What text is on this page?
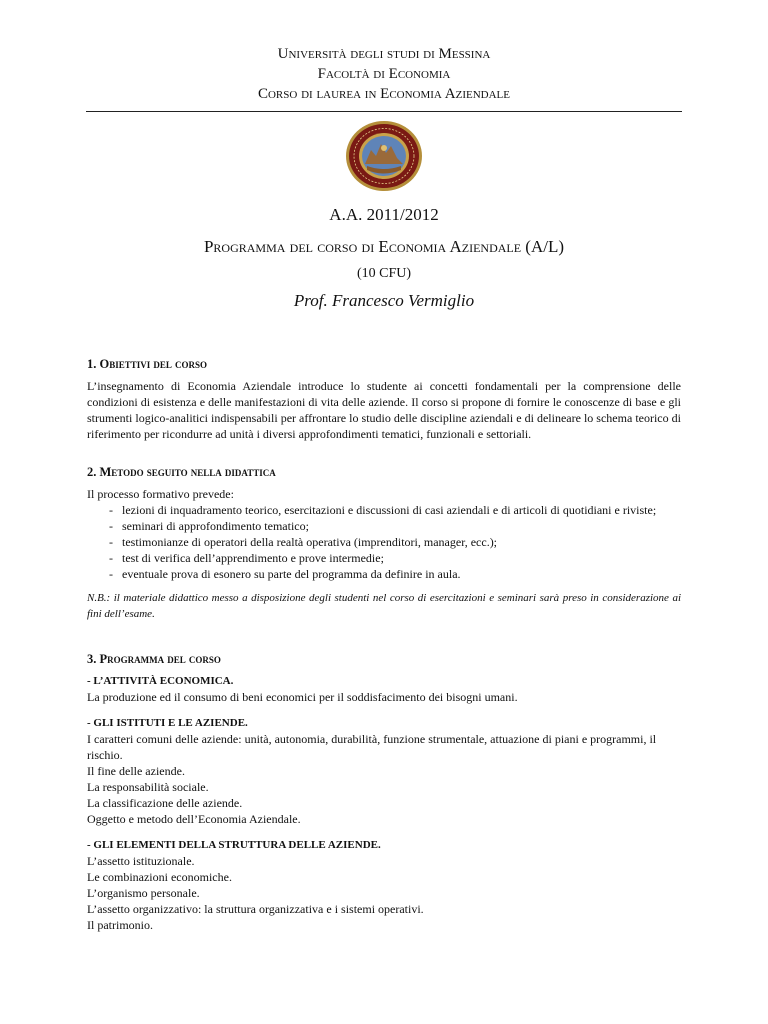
Università degli studi di Messina
Facoltà di Economia
Corso di laurea in Economia Aziendale
A.A. 2011/2012
Programma del corso di Economia Aziendale (A/L)
(10 CFU)
Prof. Francesco Vermiglio
1. Obiettivi del corso

L’insegnamento di Economia Aziendale introduce lo studente ai concetti fondamentali per la comprensione delle condizioni di esistenza e delle manifestazioni di vita delle aziende. Il corso si propone di fornire le conoscenze di base e gli strumenti logico-analitici indispensabili per affrontare lo studio delle discipline aziendali e di delineare lo schema teorico di riferimento per ricondurre ad unità i diversi approfondimenti tematici, funzionali e settoriali.

2. Metodo seguito nella didattica

Il processo formativo prevede:

- lezioni di inquadramento teorico, esercitazioni e discussioni di casi aziendali e di articoli di quotidiani e riviste;
- seminari di approfondimento tematico;
- testimonianze di operatori della realtà operativa (imprenditori, manager, ecc.);
- test di verifica dell’apprendimento e prove intermedie;
- eventuale prova di esonero su parte del programma da definire in aula.

N.B.: il materiale didattico messo a disposizione degli studenti nel corso di esercitazioni e seminari sarà preso in considerazione ai fini dell’esame.

3. Programma del corso
- L’ATTIVITÀ ECONOMICA.

La produzione ed il consumo di beni economici per il soddisfacimento dei bisogni umani.

- GLI ISTITUTI E LE AZIENDE.

I caratteri comuni delle aziende: unità, autonomia, durabilità, funzione strumentale, attuazione di piani e programmi, il rischio.

Il fine delle aziende.

La responsabilità sociale.

La classificazione delle aziende.

Oggetto e metodo dell’Economia Aziendale.

- GLI ELEMENTI DELLA STRUTTURA DELLE AZIENDE.

L’assetto istituzionale.

Le combinazioni economiche.

L’organismo personale.

L’assetto organizzativo: la struttura organizzativa e i sistemi operativi.

Il patrimonio.
